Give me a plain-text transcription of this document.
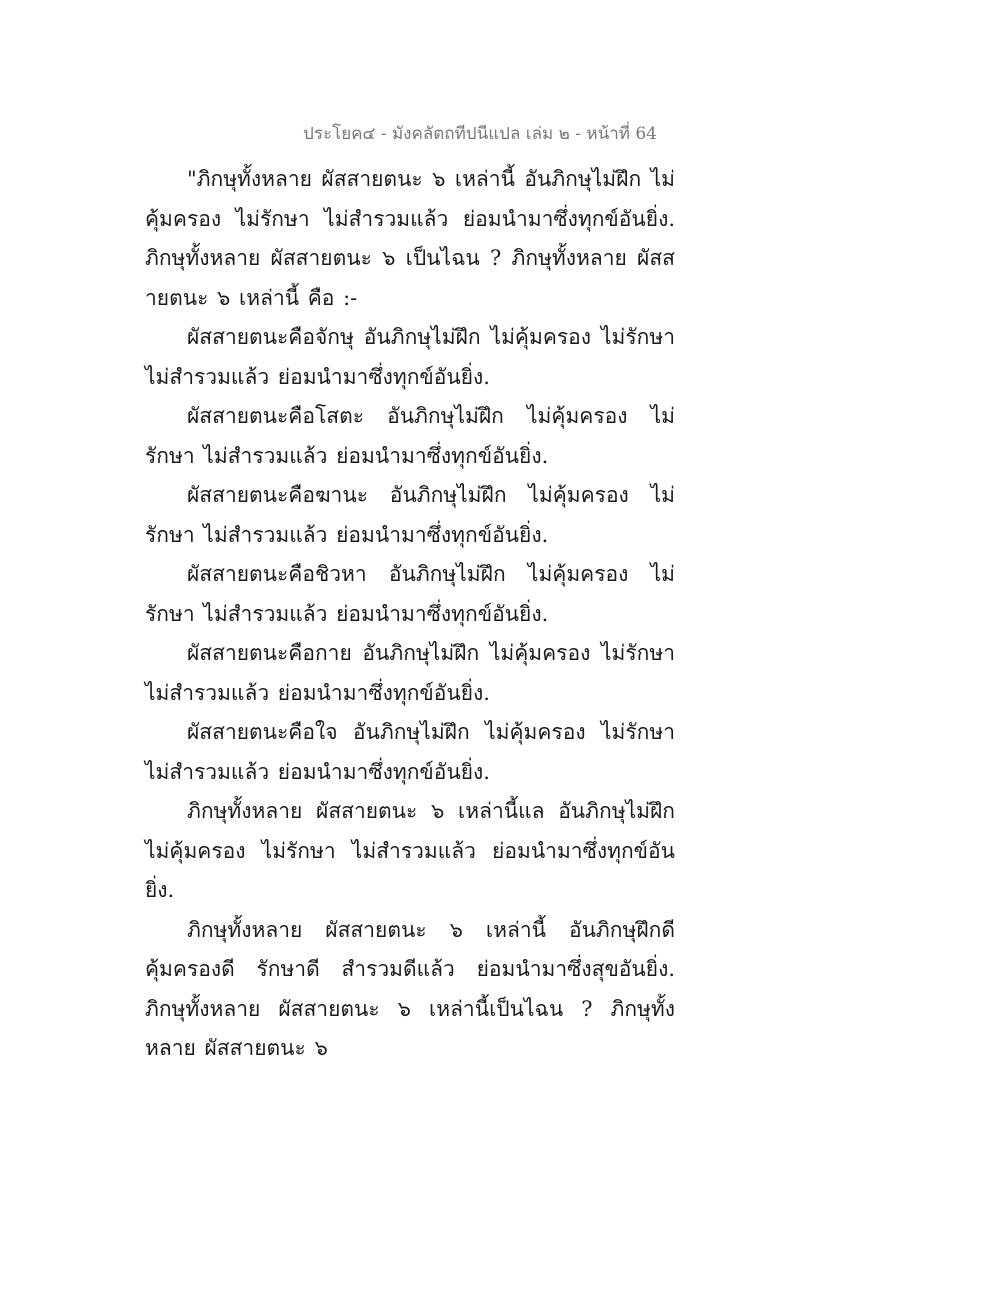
ประโยค๔ - มังคลัตถทีปนีแปล เล่ม ๒ - หน้าที่ 64

"ภิกษุทั้งหลาย ผัสสายตนะ ๖ เหล่านี้ อันภิกษุไม่ฝึก ไม่คุ้มครอง ไม่รักษา ไม่สำรวมแล้ว ย่อมนำมาซึ่งทุกข์อันยิ่ง. ภิกษุทั้งหลาย ผัสสายตนะ ๖ เป็นไฉน ? ภิกษุทั้งหลาย ผัสสายตนะ ๖ เหล่านี้ คือ :-

ผัสสายตนะคือจักษุ อันภิกษุไม่ฝึก ไม่คุ้มครอง ไม่รักษา ไม่สำรวมแล้ว ย่อมนำมาซึ่งทุกข์อันยิ่ง.

ผัสสายตนะคือโสตะ อันภิกษุไม่ฝึก ไม่คุ้มครอง ไม่รักษา ไม่สำรวมแล้ว ย่อมนำมาซึ่งทุกข์อันยิ่ง.

ผัสสายตนะคือฆานะ อันภิกษุไม่ฝึก ไม่คุ้มครอง ไม่รักษา ไม่สำรวมแล้ว ย่อมนำมาซึ่งทุกข์อันยิ่ง.

ผัสสายตนะคือชิวหา อันภิกษุไม่ฝึก ไม่คุ้มครอง ไม่รักษา ไม่สำรวมแล้ว ย่อมนำมาซึ่งทุกข์อันยิ่ง.

ผัสสายตนะคือกาย อันภิกษุไม่ฝึก ไม่คุ้มครอง ไม่รักษา ไม่สำรวมแล้ว ย่อมนำมาซึ่งทุกข์อันยิ่ง.

ผัสสายตนะคือใจ อันภิกษุไม่ฝึก ไม่คุ้มครอง ไม่รักษา ไม่สำรวมแล้ว ย่อมนำมาซึ่งทุกข์อันยิ่ง.

ภิกษุทั้งหลาย ผัสสายตนะ ๖ เหล่านี้แล อันภิกษุไม่ฝึก ไม่คุ้มครอง ไม่รักษา ไม่สำรวมแล้ว ย่อมนำมาซึ่งทุกข์อันยิ่ง.

ภิกษุทั้งหลาย ผัสสายตนะ ๖ เหล่านี้ อันภิกษุฝึกดี คุ้มครองดี รักษาดี สำรวมดีแล้ว ย่อมนำมาซึ่งสุขอันยิ่ง. ภิกษุทั้งหลาย ผัสสายตนะ ๖ เหล่านี้เป็นไฉน ? ภิกษุทั้งหลาย ผัสสายตนะ ๖
